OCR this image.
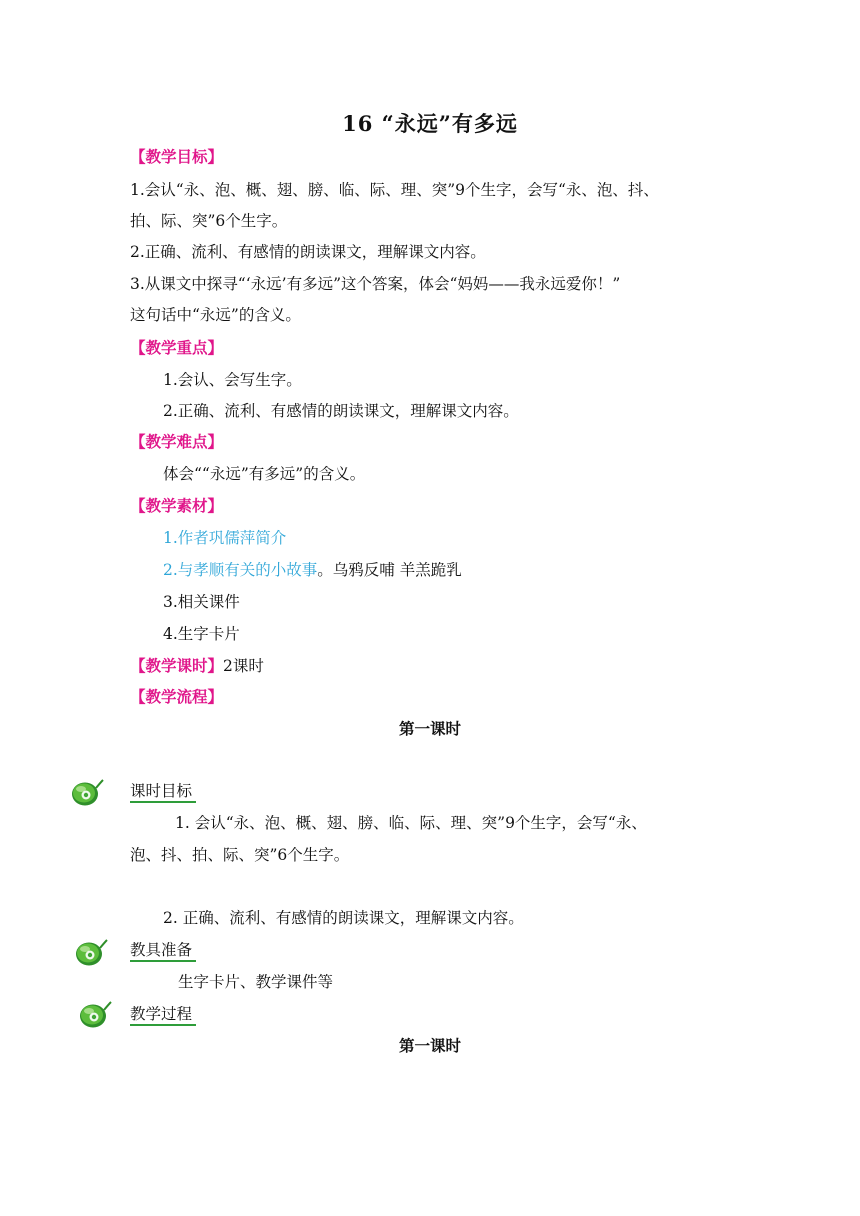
16 “永远”有多远
【教学目标】
1.会认“永、泡、概、翅、膀、临、际、理、突”9个生字，会写“永、泡、抖、
拍、际、突”6个生字。
2.正确、流利、有感情的朗读课文，理解课文内容。
3.从课文中探寻“‘永远’有多远”这个答案，体会“妈妈——我永远爱你！”
这句话中“永远”的含义。
【教学重点】
1.会认、会写生字。
2.正确、流利、有感情的朗读课文，理解课文内容。
【教学难点】
体会““永远”有多远”的含义。
【教学素材】
1.作者巩儒萍简介
2.与孝顺有关的小故事。乌鸦反哺 羊羔跪乳
3.相关课件
4.生字卡片
【教学课时】2课时
【教学流程】
第一课时
课时目标
1. 会认“永、泡、概、翅、膀、临、际、理、突”9个生字，会写“永、
泡、抖、拍、际、突”6个生字。
2. 正确、流利、有感情的朗读课文，理解课文内容。
教具准备
生字卡片、教学课件等
教学过程
第一课时
